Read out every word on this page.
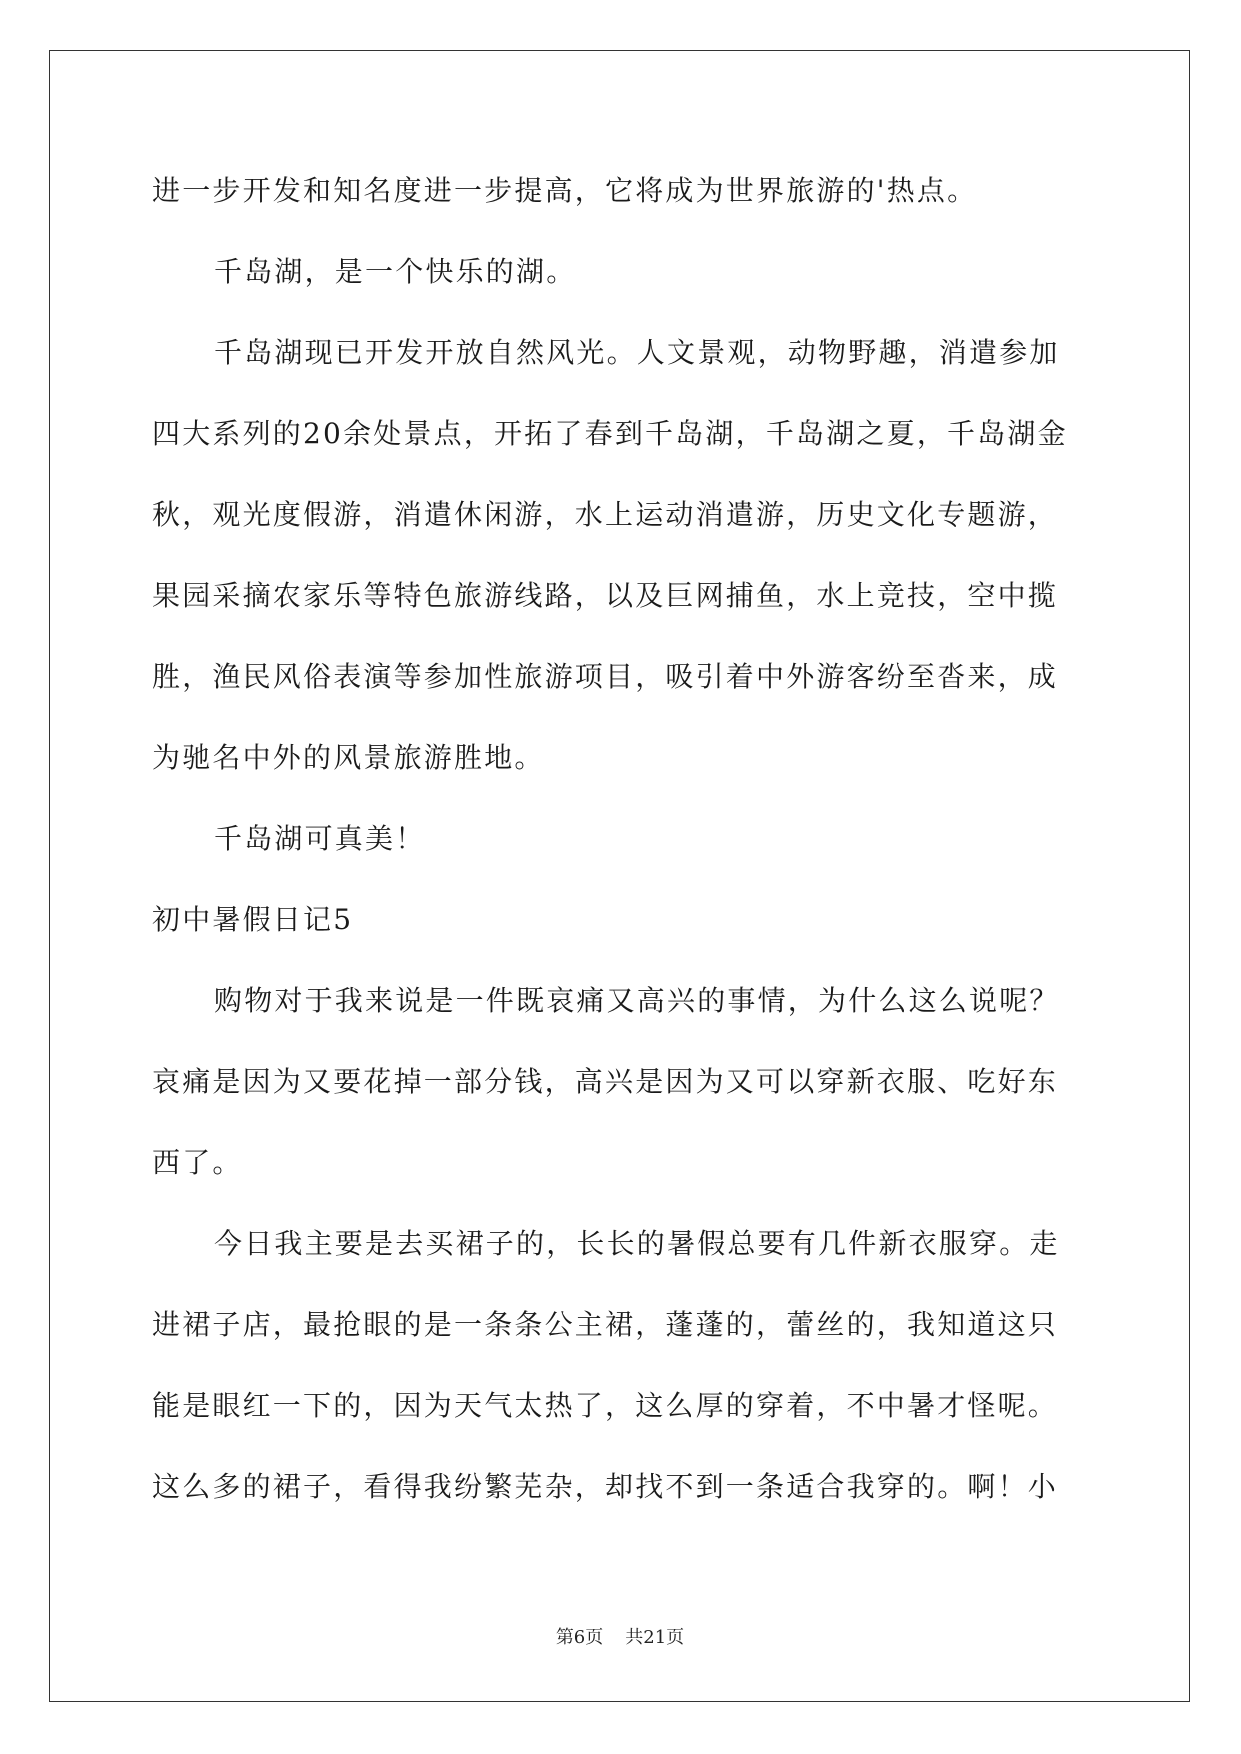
进一步开发和知名度进一步提高，它将成为世界旅游的'热点。
千岛湖，是一个快乐的湖。
千岛湖现已开发开放自然风光。人文景观，动物野趣，消遣参加
四大系列的20余处景点，开拓了春到千岛湖，千岛湖之夏，千岛湖金
秋，观光度假游，消遣休闲游，水上运动消遣游，历史文化专题游，
果园采摘农家乐等特色旅游线路，以及巨网捕鱼，水上竞技，空中揽
胜，渔民风俗表演等参加性旅游项目，吸引着中外游客纷至沓来，成
为驰名中外的风景旅游胜地。
千岛湖可真美！
初中暑假日记5
购物对于我来说是一件既哀痛又高兴的事情，为什么这么说呢？
哀痛是因为又要花掉一部分钱，高兴是因为又可以穿新衣服、吃好东
西了。
今日我主要是去买裙子的，长长的暑假总要有几件新衣服穿。走
进裙子店，最抢眼的是一条条公主裙，蓬蓬的，蕾丝的，我知道这只
能是眼红一下的，因为天气太热了，这么厚的穿着，不中暑才怪呢。
这么多的裙子，看得我纷繁芜杂，却找不到一条适合我穿的。啊！小
第6页 共21页
